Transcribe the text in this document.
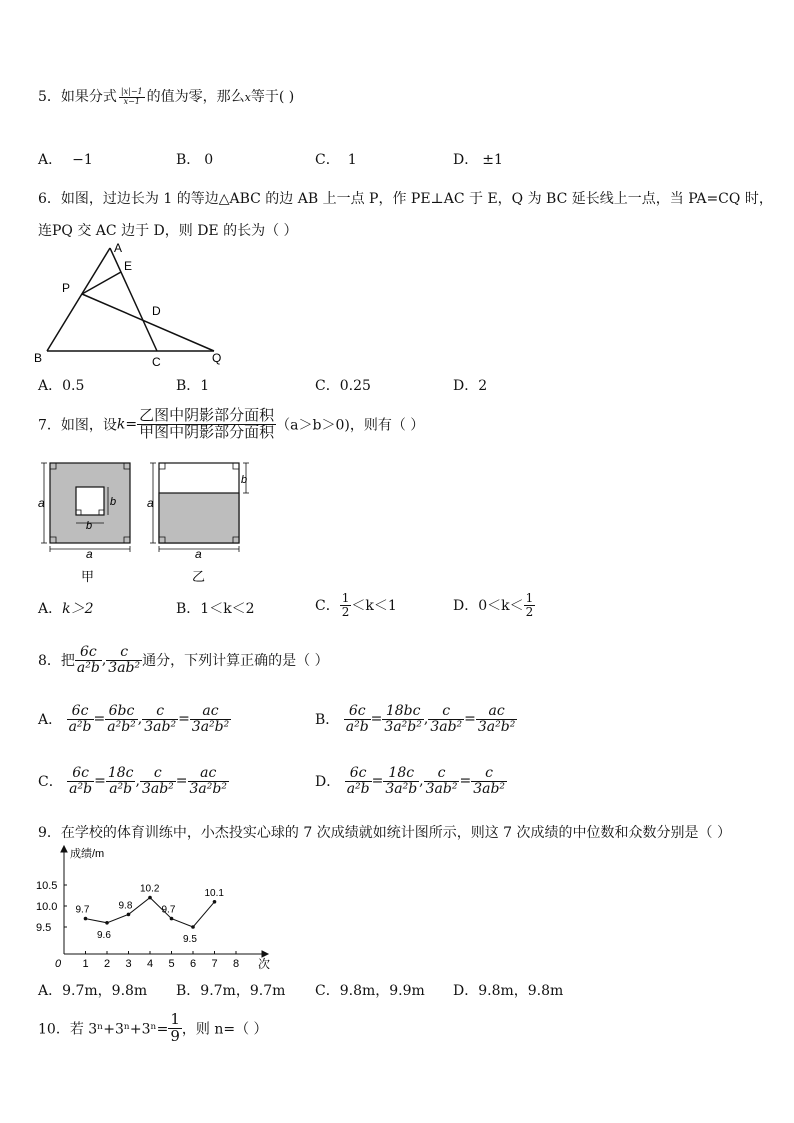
5．如果分式 $\frac{|x|-1}{x-1}$ 的值为零，那么x等于( )
A． −1	B． 0	C． 1	D． ±1
6．如图，过边长为 1 的等边△ABC 的边 AB 上一点 P，作 PE⊥AC 于 E，Q 为 BC 延长线上一点，当 PA=CQ 时，
连PQ 交 AC 边于 D，则 DE 的长为（ ）
A
E
P
D
B	C	Q
A．0.5	B．1	C．0.25	D．2
7．如图，设$k= \frac{\text{乙图中阴影部分面积}}{\text{甲图中阴影部分面积}} (a>b>0)$，则有（ ）
a
a
b
b
甲
a
a
b
乙
A．k＞2	B．1＜k＜2	C． $\frac{1}{2} <k<1$	D．$0<k< \frac{1}{2}$
8．把 $\frac{6c}{\text{a²b}}$ , $\frac{c}{\text{3ab²}}$ 通分，下列计算正确的是（ ）
A． $\frac{6c}{\text{a²b}} = \frac{6bc}{\text{a²b²}}$ , $\frac{c}{\text{3ab²}} = \frac{ac}{\text{3a²b²}}$	B． $\frac{6c}{\text{a²b}} = \frac{18bc}{\text{3a²b²}}$ , $\frac{c}{\text{3ab²}} = \frac{ac}{\text{3a²b²}}$
C． $\frac{6c}{\text{a²b}} = \frac{18c}{\text{a²b}}$ , $\frac{c}{\text{3ab²}} = \frac{ac}{\text{3a²b²}}$	D． $\frac{6c}{\text{a²b}} = \frac{18c}{\text{3a²b}}$ , $\frac{c}{\text{3ab²}} = \frac{c}{\text{3ab²}}$
9．在学校的体育训练中，小杰投实心球的 7 次成绩就如统计图所示，则这 7 次成绩的中位数和众数分别是（ ）
成绩/m
次
0 1 2 3 4 5 6 7 8
9.5
10.0
10.5
9.7
9.6
9.8
10.2
9.7
9.5
10.1
A．9.7m，9.8m B．9.7m，9.7m C．9.8m，9.9m D．9.8m，9.8m
10．若 $3^n+3^n+3^n= \frac{1}{9}$ ，则 n=（ ）
